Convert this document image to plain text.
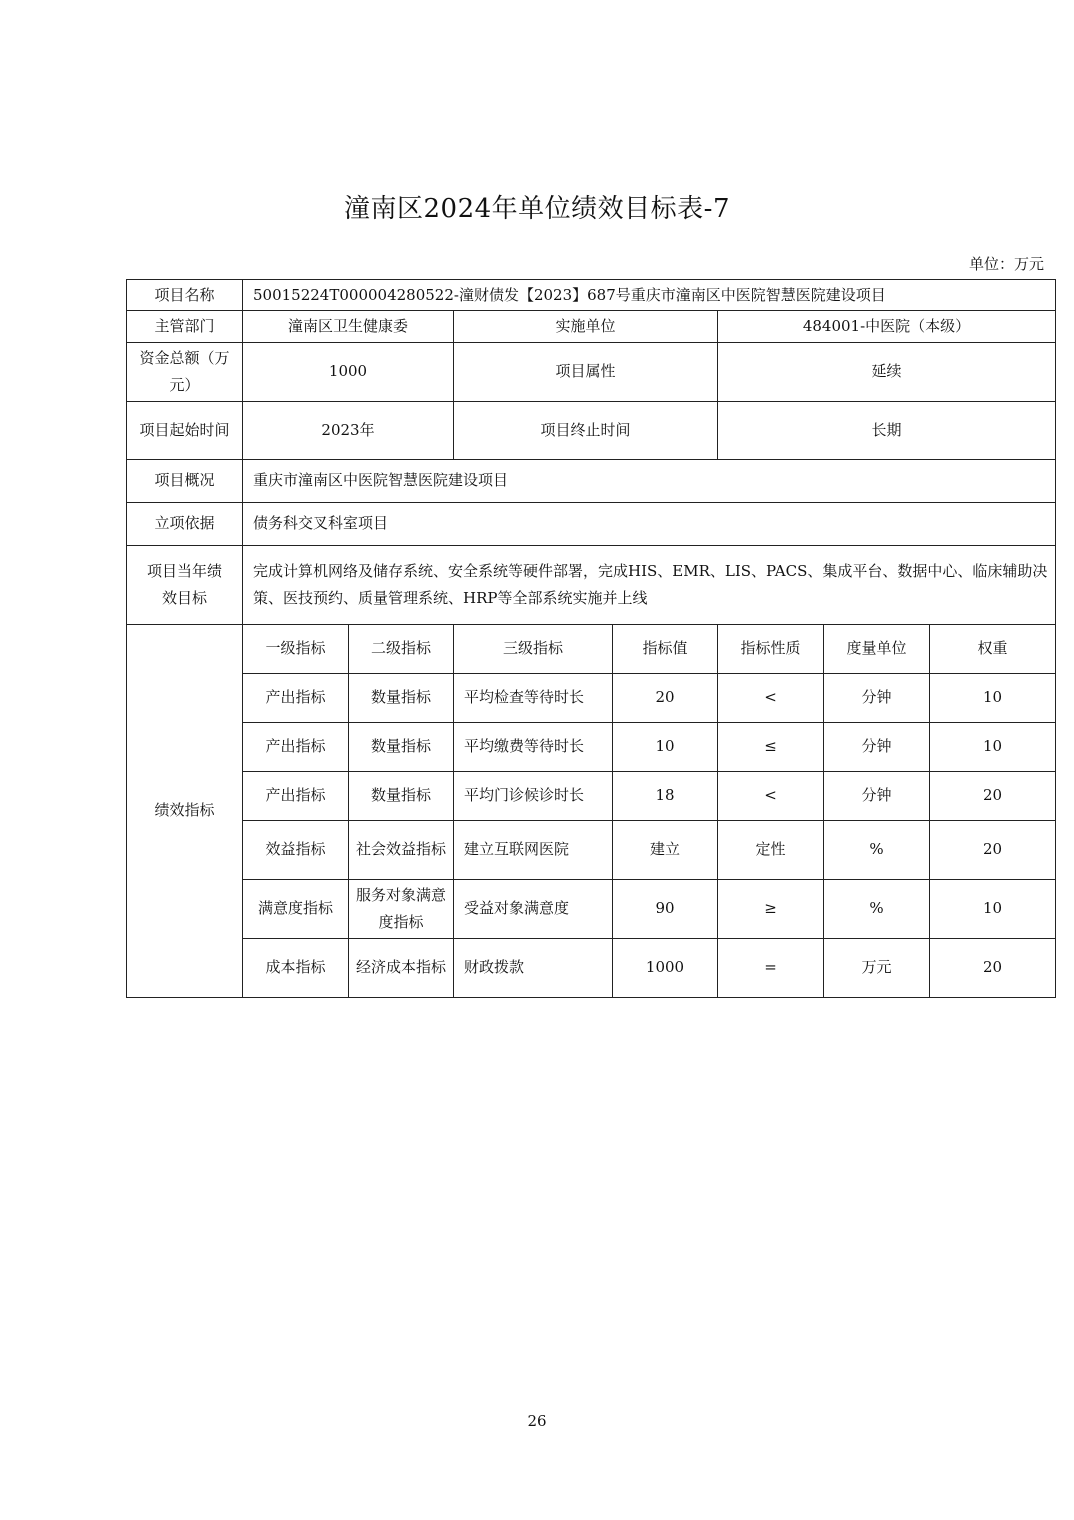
潼南区2024年单位绩效目标表-7
单位：万元
项目名称	50015224T000004280522-潼财债发【2023】687号重庆市潼南区中医院智慧医院建设项目						
主管部门	潼南区卫生健康委		实施单位		484001-中医院（本级）		
资金总额（万元）	1000		项目属性		延续		
项目起始时间	2023年		项目终止时间		长期		
项目概况	重庆市潼南区中医院智慧医院建设项目						
立项依据	债务科交叉科室项目						
项目当年绩效目标	完成计算机网络及储存系统、安全系统等硬件部署，完成HIS、EMR、LIS、PACS、集成平台、数据中心、临床辅助决策、医技预约、质量管理系统、HRP等全部系统实施并上线						
绩效指标	一级指标	二级指标	三级指标	指标值	指标性质	度量单位	权重
	产出指标	数量指标	平均检查等待时长	20	<	分钟	10
	产出指标	数量指标	平均缴费等待时长	10	≤	分钟	10
	产出指标	数量指标	平均门诊候诊时长	18	<	分钟	20
	效益指标	社会效益指标	建立互联网医院	建立	定性	%	20
	满意度指标	服务对象满意度指标	受益对象满意度	90	≥	%	10
	成本指标	经济成本指标	财政拨款	1000	=	万元	20
26
